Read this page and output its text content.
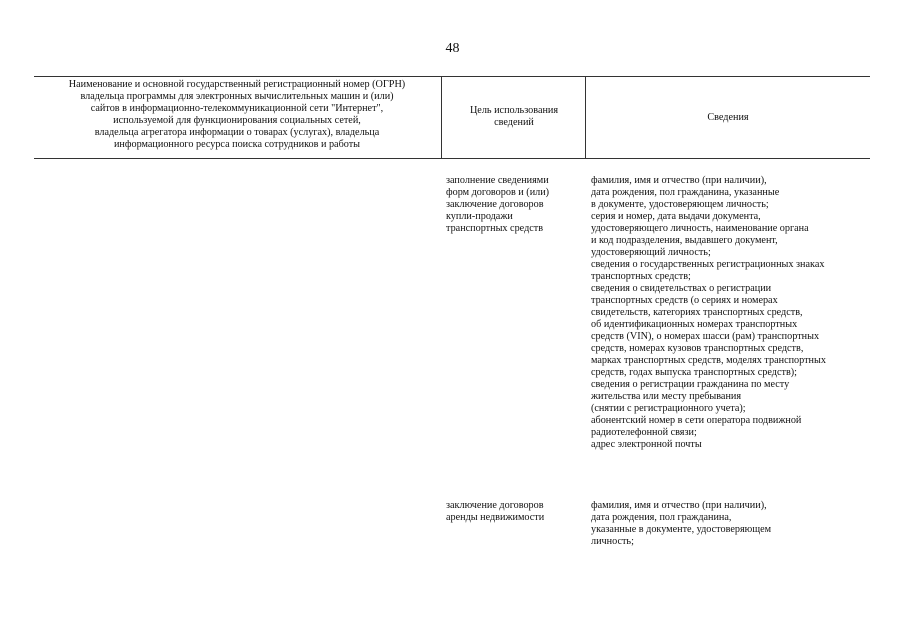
48
Наименование и основной государственный регистрационный номер (ОГРН)
владельца программы для электронных вычислительных машин и (или)
сайтов в информационно-телекоммуникационной сети "Интернет",
используемой для функционирования социальных сетей,
владельца агрегатора информации о товарах (услугах), владельца
информационного ресурса поиска сотрудников и работы
Цель использования
сведений	Сведения
заполнение сведениями
форм договоров и (или)
заключение договоров
купли-продажи
транспортных средств
фамилия, имя и отчество (при наличии),
дата рождения, пол гражданина, указанные
в документе, удостоверяющем личность;
серия и номер, дата выдачи документа,
удостоверяющего личность, наименование органа
и код подразделения, выдавшего документ,
удостоверяющий личность;
сведения о государственных регистрационных знаках
транспортных средств;
сведения о свидетельствах о регистрации
транспортных средств (о сериях и номерах
свидетельств, категориях транспортных средств,
об идентификационных номерах транспортных
средств (VIN), о номерах шасси (рам) транспортных
средств, номерах кузовов транспортных средств,
марках транспортных средств, моделях транспортных
средств, годах выпуска транспортных средств);
сведения о регистрации гражданина по месту
жительства или месту пребывания
(снятии с регистрационного учета);
абонентский номер в сети оператора подвижной
радиотелефонной связи;
адрес электронной почты
заключение договоров
аренды недвижимости
фамилия, имя и отчество (при наличии),
дата рождения, пол гражданина,
указанные в документе, удостоверяющем
личность;
